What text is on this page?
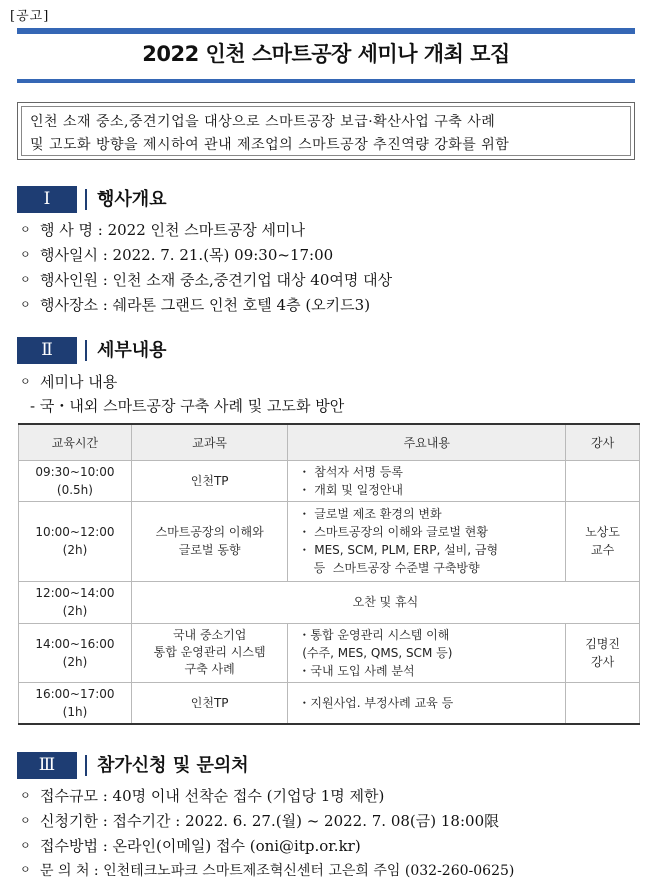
[공고]
2022 인천 스마트공장 세미나 개최 모집
인천 소재 중소,중견기업을 대상으로 스마트공장 보급·확산사업 구축 사례
및 고도화 방향을 제시하여 관내 제조업의 스마트공장 추진역량 강화를 위함
Ⅰ	행사개요
ㅇ 행 사 명 : 2022 인천 스마트공장 세미나
ㅇ 행사일시 : 2022. 7. 21.(목) 09:30~17:00
ㅇ 행사인원 : 인천 소재 중소,중견기업 대상 40여명 대상
ㅇ 행사장소 : 쉐라톤 그랜드 인천 호텔 4층 (오키드3)
Ⅱ	세부내용
ㅇ 세미나 내용
- 국・내외 스마트공장 구축 사례 및 고도화 방안
교육시간	교과목	주요내용	강사

09:30~10:00
(0.5h)	인천TP	・ 참석자 서명 등록
・ 개회 및 일정안내	

10:00~12:00
(2h)	스마트공장의 이해와
글로벌 동향	・ 글로벌 제조 환경의 변화
・ 스마트공장의 이해와 글로벌 현황
・ MES, SCM, PLM, ERP, 설비, 금형
등  스마트공장 수준별 구축방향	노상도
교수

12:00~14:00
(2h)	오찬 및 휴식		

14:00~16:00
(2h)	국내 중소기업
통합 운영관리 시스템
구축 사례	・통합 운영관리 시스템 이해
(수주, MES, QMS, SCM 등)
・국내 도입 사례 분석	김명진
강사

16:00~17:00
(1h)	인천TP	・지원사업. 부정사례 교육 등	

Ⅲ	참가신청 및 문의처
ㅇ 접수규모 : 40명 이내 선착순 접수 (기업당 1명 제한)
ㅇ 신청기한 : 접수기간 : 2022. 6. 27.(월) ~ 2022. 7. 08(금) 18:00限
ㅇ 접수방법 : 온라인(이메일) 접수 (oni@itp.or.kr)
ㅇ 문 의 처 : 인천테크노파크 스마트제조혁신센터 고은희 주임 (032-260-0625)
